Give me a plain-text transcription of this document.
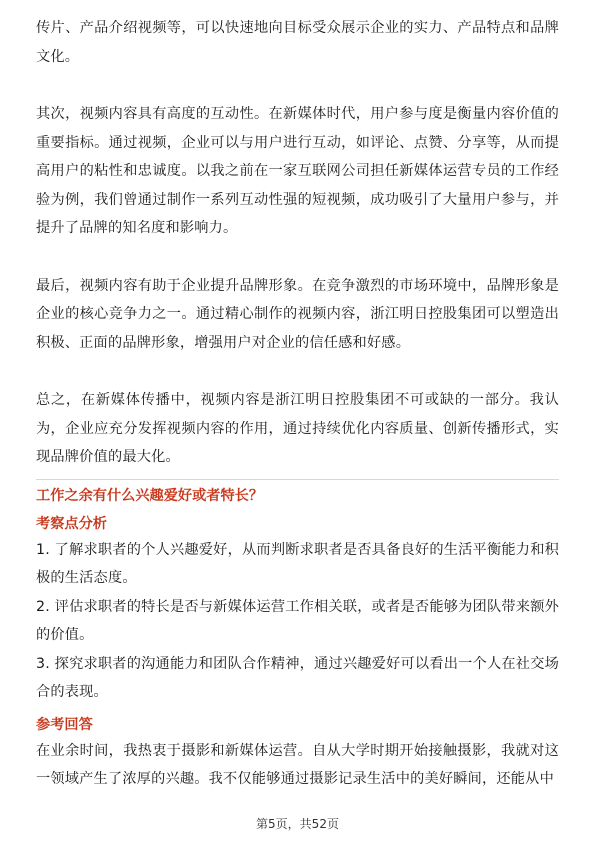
传片、产品介绍视频等，可以快速地向目标受众展示企业的实力、产品特点和品牌文化。

其次，视频内容具有高度的互动性。在新媒体时代，用户参与度是衡量内容价值的重要指标。通过视频，企业可以与用户进行互动，如评论、点赞、分享等，从而提高用户的粘性和忠诚度。以我之前在一家互联网公司担任新媒体运营专员的工作经验为例，我们曾通过制作一系列互动性强的短视频，成功吸引了大量用户参与，并提升了品牌的知名度和影响力。

最后，视频内容有助于企业提升品牌形象。在竞争激烈的市场环境中，品牌形象是企业的核心竞争力之一。通过精心制作的视频内容，浙江明日控股集团可以塑造出积极、正面的品牌形象，增强用户对企业的信任感和好感。

总之，在新媒体传播中，视频内容是浙江明日控股集团不可或缺的一部分。我认为，企业应充分发挥视频内容的作用，通过持续优化内容质量、创新传播形式，实现品牌价值的最大化。

工作之余有什么兴趣爱好或者特长？

考察点分析

1. 了解求职者的个人兴趣爱好，从而判断求职者是否具备良好的生活平衡能力和积极的生活态度。

2. 评估求职者的特长是否与新媒体运营工作相关联，或者是否能够为团队带来额外的价值。

3. 探究求职者的沟通能力和团队合作精神，通过兴趣爱好可以看出一个人在社交场合的表现。

参考回答

在业余时间，我热衷于摄影和新媒体运营。自从大学时期开始接触摄影，我就对这一领域产生了浓厚的兴趣。我不仅能够通过摄影记录生活中的美好瞬间，还能从中

第5页，共52页
